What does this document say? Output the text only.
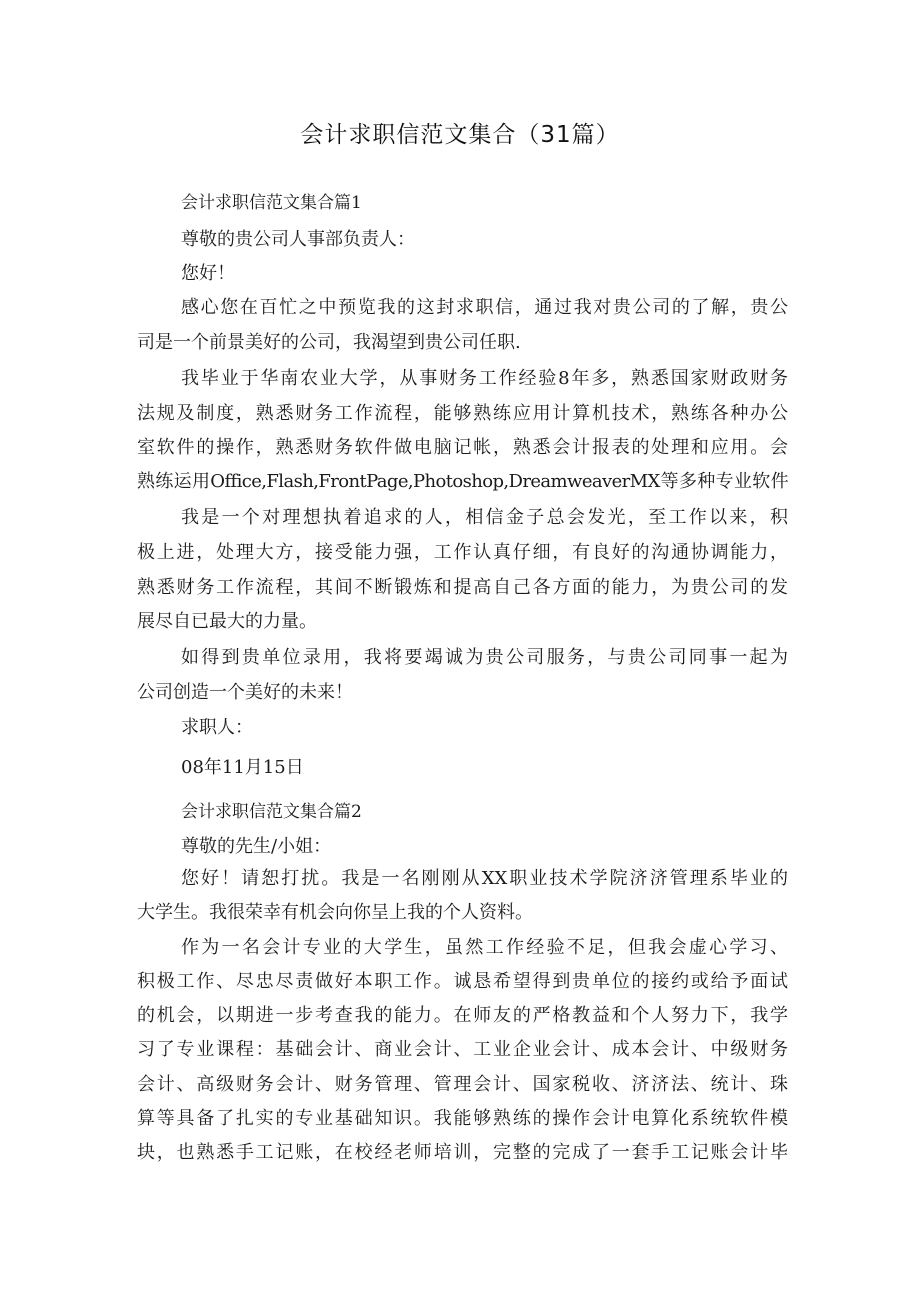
会计求职信范文集合（31篇）
会计求职信范文集合篇1
尊敬的贵公司人事部负责人：
您好！
感心您在百忙之中预览我的这封求职信，通过我对贵公司的了解，贵公
司是一个前景美好的公司，我渴望到贵公司任职.
我毕业于华南农业大学，从事财务工作经验8年多，熟悉国家财政财务
法规及制度，熟悉财务工作流程，能够熟练应用计算机技术，熟练各种办公
室软件的操作，熟悉财务软件做电脑记帐，熟悉会计报表的处理和应用。会
熟练运用Office,Flash,FrontPage,Photoshop,DreamweaverMX等多种专业软件
我是一个对理想执着追求的人，相信金子总会发光，至工作以来，积
极上进，处理大方，接受能力强，工作认真仔细，有良好的沟通协调能力，
熟悉财务工作流程，其间不断锻炼和提高自己各方面的能力，为贵公司的发
展尽自已最大的力量。
如得到贵单位录用，我将要竭诚为贵公司服务，与贵公司同事一起为
公司创造一个美好的未来！
求职人：
08年11月15日
会计求职信范文集合篇2
尊敬的先生/小姐：
您好！请恕打扰。我是一名刚刚从XX职业技术学院济济管理系毕业的
大学生。我很荣幸有机会向你呈上我的个人资料。
作为一名会计专业的大学生，虽然工作经验不足，但我会虚心学习、
积极工作、尽忠尽责做好本职工作。诚恳希望得到贵单位的接约或给予面试
的机会，以期进一步考查我的能力。在师友的严格教益和个人努力下，我学
习了专业课程：基础会计、商业会计、工业企业会计、成本会计、中级财务
会计、高级财务会计、财务管理、管理会计、国家税收、济济法、统计、珠
算等具备了扎实的专业基础知识。我能够熟练的操作会计电算化系统软件模
块，也熟悉手工记账，在校经老师培训，完整的完成了一套手工记账会计毕
